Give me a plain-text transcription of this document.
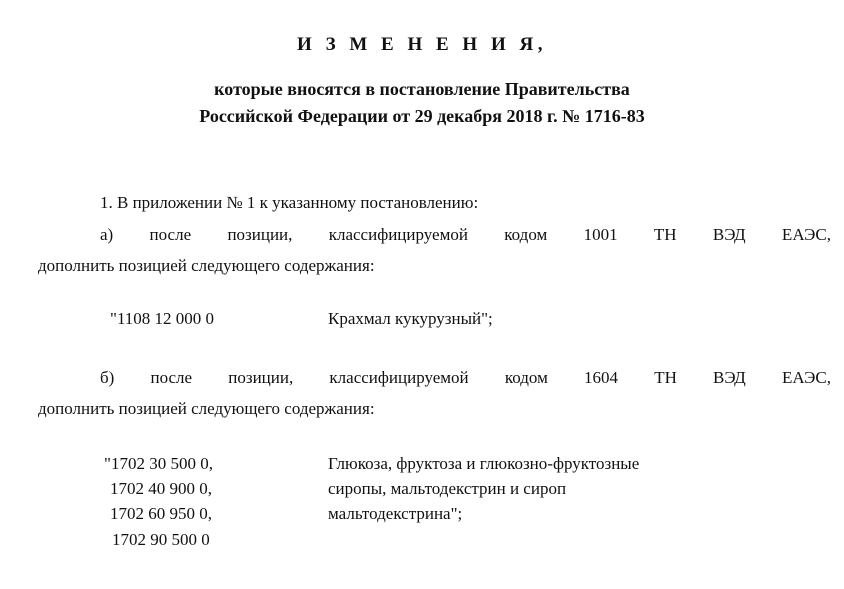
И З М Е Н Е Н И Я,
которые вносятся в постановление Правительства
Российской Федерации от 29 декабря 2018 г. № 1716-83
1. В приложении № 1 к указанному постановлению:
а) после позиции, классифицируемой кодом 1001 ТН ВЭД ЕАЭС,
дополнить позицией следующего содержания:
"1108 12 000 0	Крахмал кукурузный";
б) после позиции, классифицируемой кодом 1604 ТН ВЭД ЕАЭС,
дополнить позицией следующего содержания:
"1702 30 500 0,
1702 40 900 0,
1702 60 950 0,
1702 90 500 0
Глюкоза, фруктоза и глюкозно-фруктозные
сиропы, мальтодекстрин и сироп
мальтодекстрина";
